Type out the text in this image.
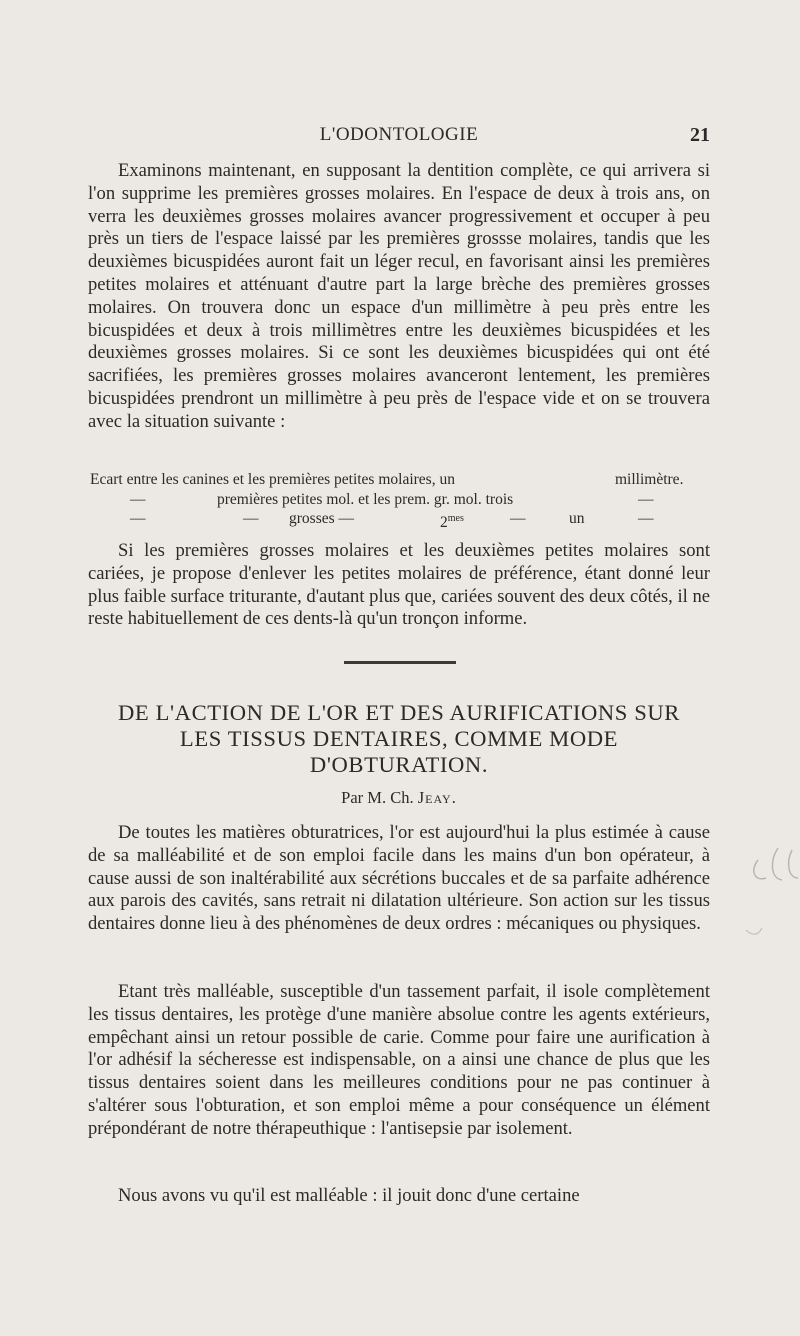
L'ODONTOLOGIE	21

Examinons maintenant, en supposant la dentition complète, ce qui arrivera si l'on supprime les premières grosses molaires. En l'espace de deux à trois ans, on verra les deuxièmes grosses molaires avancer progressivement et occuper à peu près un tiers de l'espace laissé par les premières grossse molaires, tandis que les deuxièmes bicuspidées auront fait un léger recul, en favorisant ainsi les premières petites molaires et atténuant d'autre part la large brèche des premières grosses molaires. On trouvera donc un espace d'un millimètre à peu près entre les bicuspidées et deux à trois millimètres entre les deuxièmes bicuspidées et les deuxièmes grosses molaires. Si ce sont les deuxièmes bicuspidées qui ont été sacrifiées, les premières grosses molaires avanceront lentement, les premières bicuspidées prendront un millimètre à peu près de l'espace vide et on se trouvera avec la situation suivante :

Ecart entre les canines et les premières petites molaires, un	millimètre.
—	premières petites mol. et les prem. gr. mol. trois	—
—	— grosses —	$2^{mes}$	—	un	—

Si les premières grosses molaires et les deuxièmes petites molaires sont cariées, je propose d'enlever les petites molaires de préférence, étant donné leur plus faible surface triturante, d'autant plus que, cariées souvent des deux côtés, il ne reste habituellement de ces dents-là qu'un tronçon informe.

DE L'ACTION DE L'OR ET DES AURIFICATIONS SUR
LES TISSUS DENTAIRES, COMME MODE
D'OBTURATION.
Par M. Ch. Jeay.

De toutes les matières obturatrices, l'or est aujourd'hui la plus estimée à cause de sa malléabilité et de son emploi facile dans les mains d'un bon opérateur, à cause aussi de son inaltérabilité aux sécrétions buccales et de sa parfaite adhérence aux parois des cavités, sans retrait ni dilatation ultérieure. Son action sur les tissus dentaires donne lieu à des phénomènes de deux ordres : mécaniques ou physiques.

Etant très malléable, susceptible d'un tassement parfait, il isole complètement les tissus dentaires, les protège d'une manière absolue contre les agents extérieurs, empêchant ainsi un retour possible de carie. Comme pour faire une aurification à l'or adhésif la sécheresse est indispensable, on a ainsi une chance de plus que les tissus dentaires soient dans les meilleures conditions pour ne pas continuer à s'altérer sous l'obturation, et son emploi même a pour conséquence un élément prépondérant de notre thérapeuthique : l'antisepsie par isolement.

Nous avons vu qu'il est malléable : il jouit donc d'une certaine
